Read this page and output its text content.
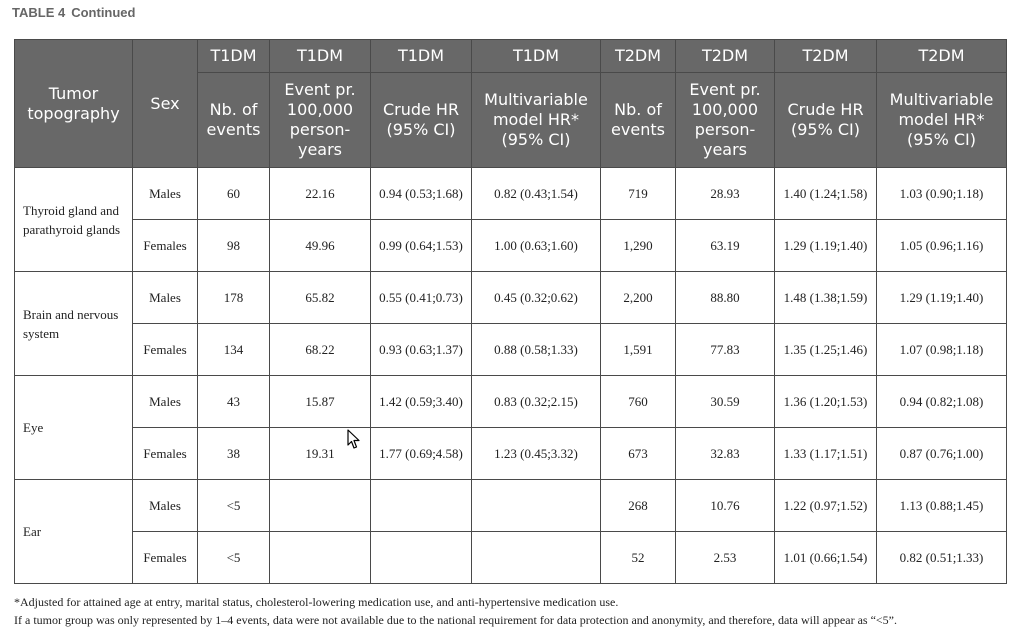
TABLE 4 Continued
Tumor topography	Sex	T1DM	T1DM	T1DM	T1DM	T2DM	T2DM	T2DM	T2DM
		Nb. of events	Event pr. 100,000 person-years	Crude HR (95% CI)	Multivariable model HR* (95% CI)	Nb. of events	Event pr. 100,000 person-years	Crude HR (95% CI)	Multivariable model HR* (95% CI)
Thyroid gland and parathyroid glands	Males	60	22.16	0.94 (0.53;1.68)	0.82 (0.43;1.54)	719	28.93	1.40 (1.24;1.58)	1.03 (0.90;1.18)
	Females	98	49.96	0.99 (0.64;1.53)	1.00 (0.63;1.60)	1,290	63.19	1.29 (1.19;1.40)	1.05 (0.96;1.16)
Brain and nervous system	Males	178	65.82	0.55 (0.41;0.73)	0.45 (0.32;0.62)	2,200	88.80	1.48 (1.38;1.59)	1.29 (1.19;1.40)
	Females	134	68.22	0.93 (0.63;1.37)	0.88 (0.58;1.33)	1,591	77.83	1.35 (1.25;1.46)	1.07 (0.98;1.18)
Eye	Males	43	15.87	1.42 (0.59;3.40)	0.83 (0.32;2.15)	760	30.59	1.36 (1.20;1.53)	0.94 (0.82;1.08)
	Females	38	19.31	1.77 (0.69;4.58)	1.23 (0.45;3.32)	673	32.83	1.33 (1.17;1.51)	0.87 (0.76;1.00)
Ear	Males	<5				268	10.76	1.22 (0.97;1.52)	1.13 (0.88;1.45)
	Females	<5				52	2.53	1.01 (0.66;1.54)	0.82 (0.51;1.33)
*Adjusted for attained age at entry, marital status, cholesterol-lowering medication use, and anti-hypertensive medication use.
If a tumor group was only represented by 1–4 events, data were not available due to the national requirement for data protection and anonymity, and therefore, data will appear as “<5”.
